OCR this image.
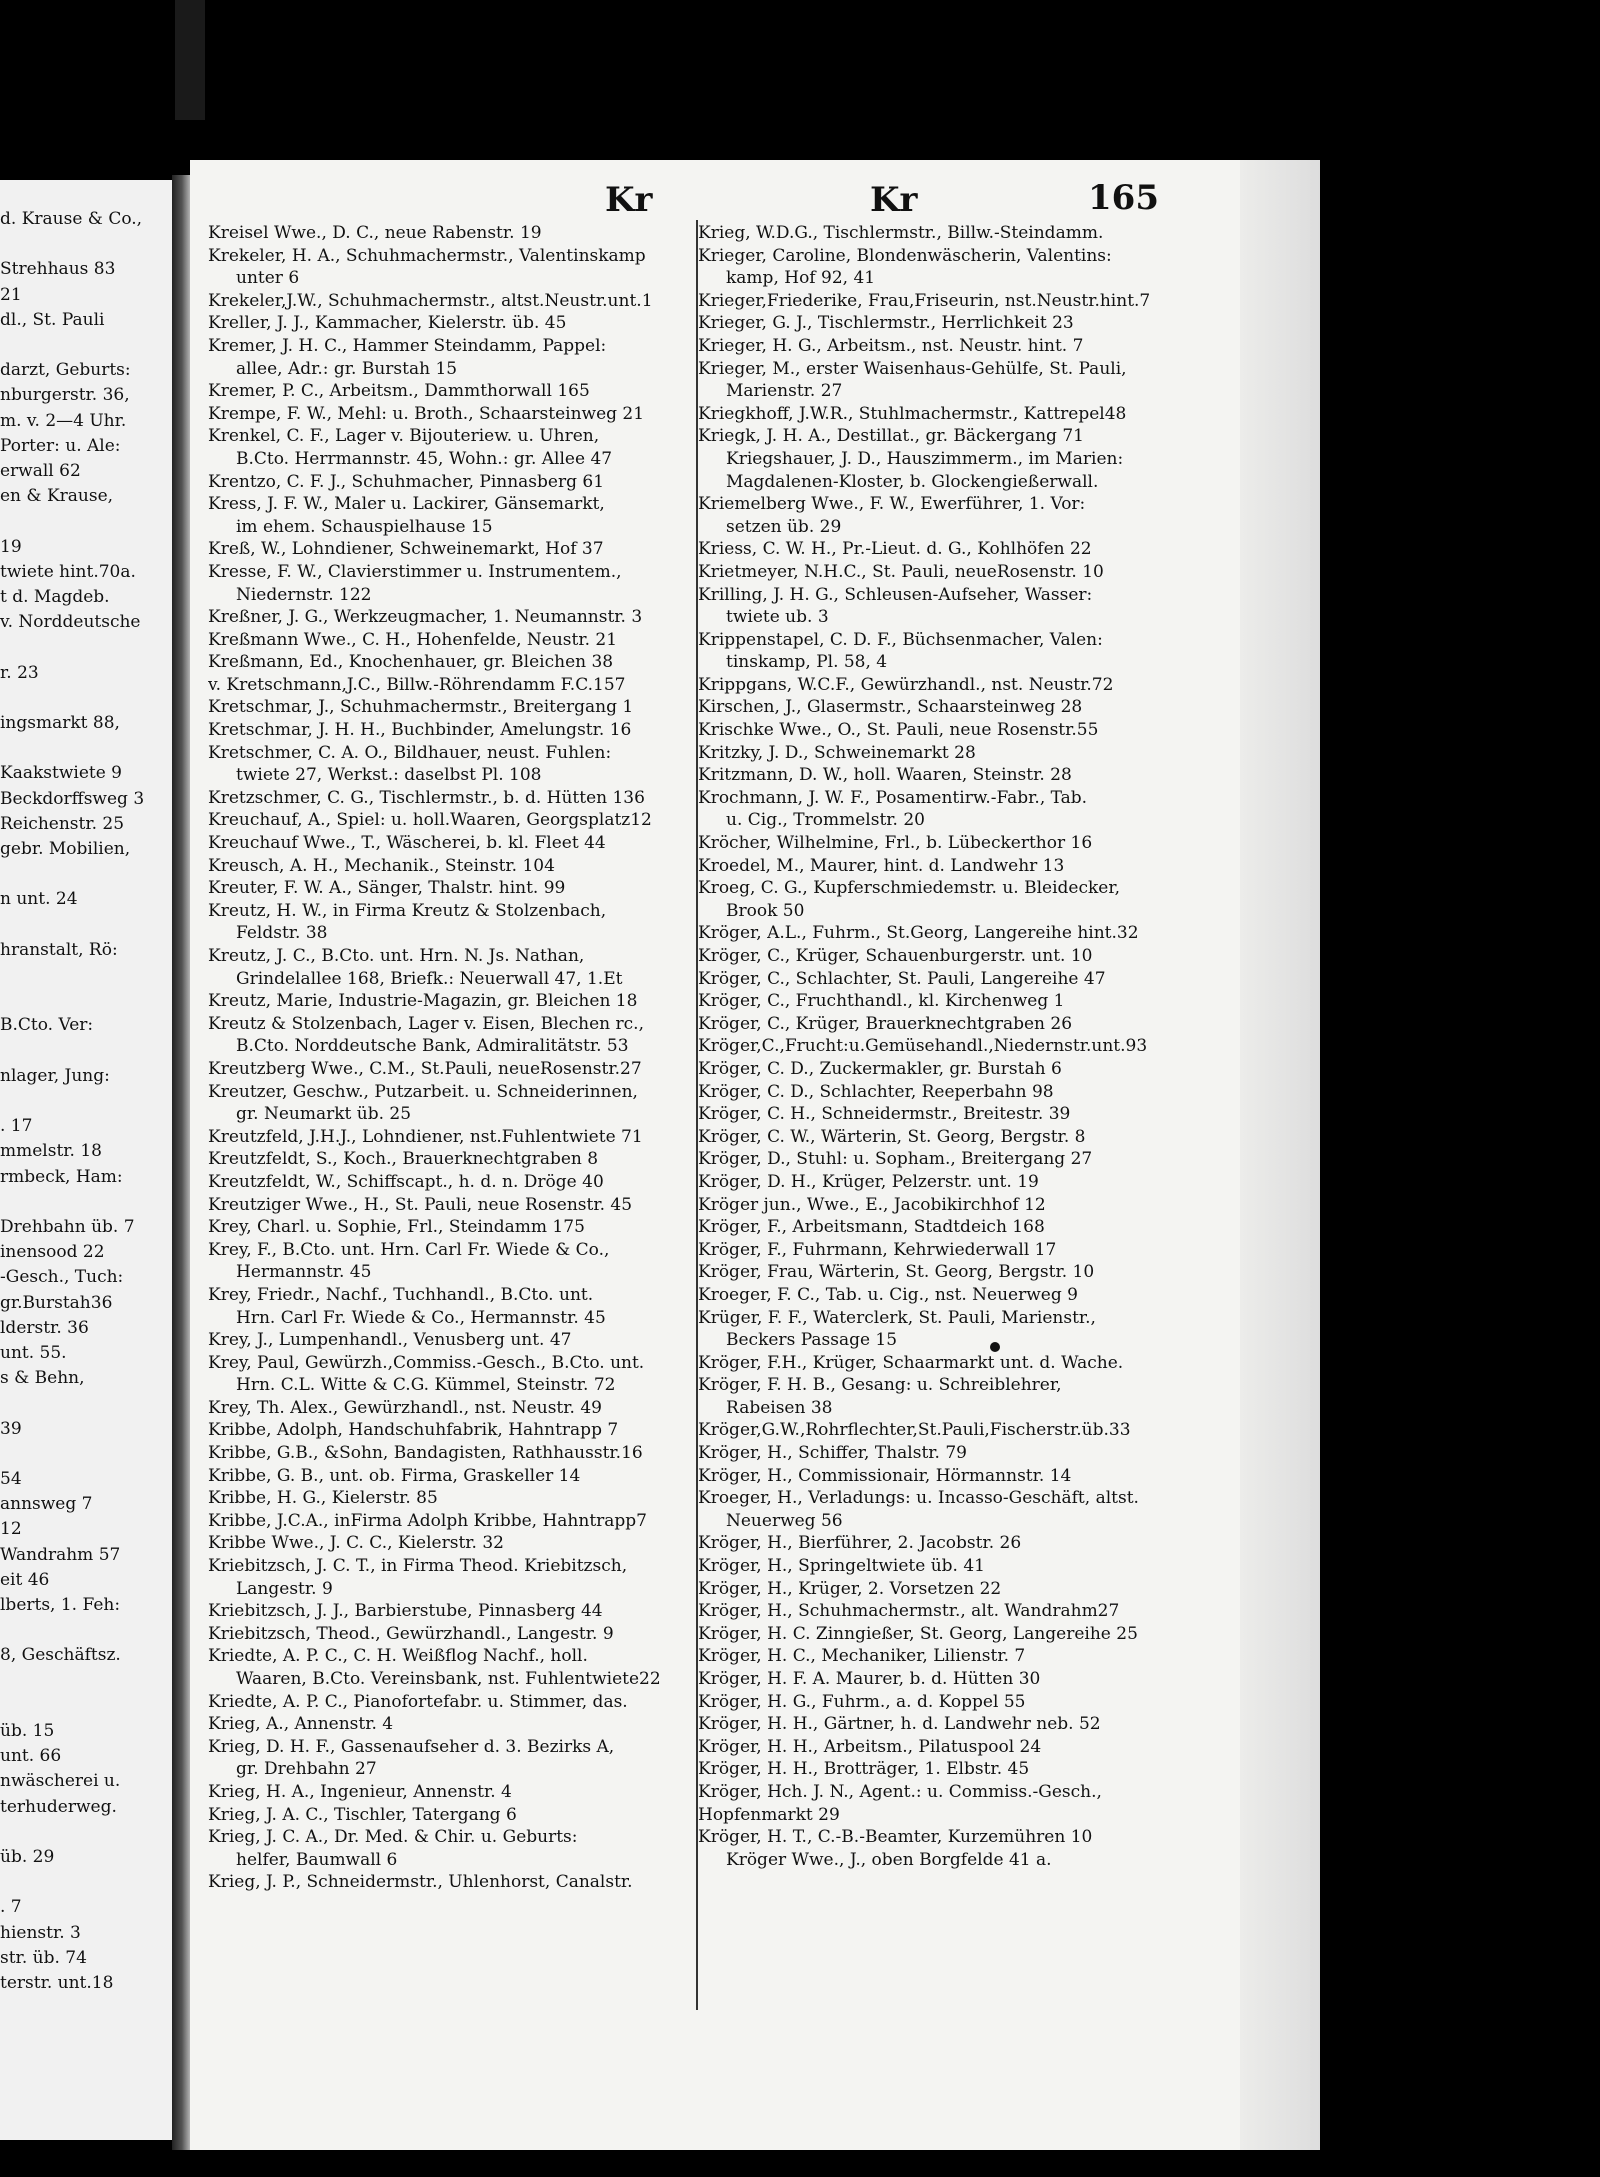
d. Krause & Co.,
Strehhaus 83
21
dl., St. Pauli
darzt, Geburts:
nburgerstr. 36,
m. v. 2—4 Uhr.
Porter: u. Ale:
erwall 62
en & Krause,
19
twiete hint.70a.
t d. Magdeb.
v. Norddeutsche
r. 23
ingsmarkt 88,
Kaakstwiete 9
Beckdorffsweg 3
Reichenstr. 25
gebr. Mobilien,
n unt. 24
hranstalt, Rö:
B.Cto. Ver:
nlager, Jung:
. 17
mmelstr. 18
rmbeck, Ham:
Drehbahn üb. 7
inensood 22
-Gesch., Tuch:
gr.Burstah36
lderstr. 36
unt. 55.
s & Behn,
39
54
annsweg 7
12
Wandrahm 57
eit 46
lberts, 1. Feh:
8, Geschäftsz.
üb. 15
unt. 66
nwäscherei u.
terhuderweg.
üb. 29
. 7
hienstr. 3
str. üb. 74
terstr. unt.18
Kr	Kr	165
Kreisel Wwe., D. C., neue Rabenstr. 19
Krekeler, H. A., Schuhmachermstr., Valentinskamp
unter 6
Krekeler,J.W., Schuhmachermstr., altst.Neustr.unt.1
Kreller, J. J., Kammacher, Kielerstr. üb. 45
Kremer, J. H. C., Hammer Steindamm, Pappel:
allee, Adr.: gr. Burstah 15
Kremer, P. C., Arbeitsm., Dammthorwall 165
Krempe, F. W., Mehl: u. Broth., Schaarsteinweg 21
Krenkel, C. F., Lager v. Bijouteriew. u. Uhren,
B.Cto. Herrmannstr. 45, Wohn.: gr. Allee 47
Krentzo, C. F. J., Schuhmacher, Pinnasberg 61
Kress, J. F. W., Maler u. Lackirer, Gänsemarkt,
im ehem. Schauspielhause 15
Kreß, W., Lohndiener, Schweinemarkt, Hof 37
Kresse, F. W., Clavierstimmer u. Instrumentem.,
Niedernstr. 122
Kreßner, J. G., Werkzeugmacher, 1. Neumannstr. 3
Kreßmann Wwe., C. H., Hohenfelde, Neustr. 21
Kreßmann, Ed., Knochenhauer, gr. Bleichen 38
v. Kretschmann,J.C., Billw.-Röhrendamm F.C.157
Kretschmar, J., Schuhmachermstr., Breitergang 1
Kretschmar, J. H. H., Buchbinder, Amelungstr. 16
Kretschmer, C. A. O., Bildhauer, neust. Fuhlen:
twiete 27, Werkst.: daselbst Pl. 108
Kretzschmer, C. G., Tischlermstr., b. d. Hütten 136
Kreuchauf, A., Spiel: u. holl.Waaren, Georgsplatz12
Kreuchauf Wwe., T., Wäscherei, b. kl. Fleet 44
Kreusch, A. H., Mechanik., Steinstr. 104
Kreuter, F. W. A., Sänger, Thalstr. hint. 99
Kreutz, H. W., in Firma Kreutz & Stolzenbach,
Feldstr. 38
Kreutz, J. C., B.Cto. unt. Hrn. N. Js. Nathan,
Grindelallee 168, Briefk.: Neuerwall 47, 1.Et
Kreutz, Marie, Industrie-Magazin, gr. Bleichen 18
Kreutz & Stolzenbach, Lager v. Eisen, Blechen rc.,
B.Cto. Norddeutsche Bank, Admiralitätstr. 53
Kreutzberg Wwe., C.M., St.Pauli, neueRosenstr.27
Kreutzer, Geschw., Putzarbeit. u. Schneiderinnen,
gr. Neumarkt üb. 25
Kreutzfeld, J.H.J., Lohndiener, nst.Fuhlentwiete 71
Kreutzfeldt, S., Koch., Brauerknechtgraben 8
Kreutzfeldt, W., Schiffscapt., h. d. n. Dröge 40
Kreutziger Wwe., H., St. Pauli, neue Rosenstr. 45
Krey, Charl. u. Sophie, Frl., Steindamm 175
Krey, F., B.Cto. unt. Hrn. Carl Fr. Wiede & Co.,
Hermannstr. 45
Krey, Friedr., Nachf., Tuchhandl., B.Cto. unt.
Hrn. Carl Fr. Wiede & Co., Hermannstr. 45
Krey, J., Lumpenhandl., Venusberg unt. 47
Krey, Paul, Gewürzh.,Commiss.-Gesch., B.Cto. unt.
Hrn. C.L. Witte & C.G. Kümmel, Steinstr. 72
Krey, Th. Alex., Gewürzhandl., nst. Neustr. 49
Kribbe, Adolph, Handschuhfabrik, Hahntrapp 7
Kribbe, G.B., &Sohn, Bandagisten, Rathhausstr.16
Kribbe, G. B., unt. ob. Firma, Graskeller 14
Kribbe, H. G., Kielerstr. 85
Kribbe, J.C.A., inFirma Adolph Kribbe, Hahntrapp7
Kribbe Wwe., J. C. C., Kielerstr. 32
Kriebitzsch, J. C. T., in Firma Theod. Kriebitzsch,
Langestr. 9
Kriebitzsch, J. J., Barbierstube, Pinnasberg 44
Kriebitzsch, Theod., Gewürzhandl., Langestr. 9
Kriedte, A. P. C., C. H. Weißflog Nachf., holl.
Waaren, B.Cto. Vereinsbank, nst. Fuhlentwiete22
Kriedte, A. P. C., Pianofortefabr. u. Stimmer, das.
Krieg, A., Annenstr. 4
Krieg, D. H. F., Gassenaufseher d. 3. Bezirks A,
gr. Drehbahn 27
Krieg, H. A., Ingenieur, Annenstr. 4
Krieg, J. A. C., Tischler, Tatergang 6
Krieg, J. C. A., Dr. Med. & Chir. u. Geburts:
helfer, Baumwall 6
Krieg, J. P., Schneidermstr., Uhlenhorst, Canalstr.
Krieg, W.D.G., Tischlermstr., Billw.-Steindamm.
Krieger, Caroline, Blondenwäscherin, Valentins:
kamp, Hof 92, 41
Krieger,Friederike, Frau,Friseurin, nst.Neustr.hint.7
Krieger, G. J., Tischlermstr., Herrlichkeit 23
Krieger, H. G., Arbeitsm., nst. Neustr. hint. 7
Krieger, M., erster Waisenhaus-Gehülfe, St. Pauli,
Marienstr. 27
Kriegkhoff, J.W.R., Stuhlmachermstr., Kattrepel48
Kriegk, J. H. A., Destillat., gr. Bäckergang 71
Kriegshauer, J. D., Hauszimmerm., im Marien:
Magdalenen-Kloster, b. Glockengießerwall.
Kriemelberg Wwe., F. W., Ewerführer, 1. Vor:
setzen üb. 29
Kriess, C. W. H., Pr.-Lieut. d. G., Kohlhöfen 22
Krietmeyer, N.H.C., St. Pauli, neueRosenstr. 10
Krilling, J. H. G., Schleusen-Aufseher, Wasser:
twiete ub. 3
Krippenstapel, C. D. F., Büchsenmacher, Valen:
tinskamp, Pl. 58, 4
Krippgans, W.C.F., Gewürzhandl., nst. Neustr.72
Kirschen, J., Glasermstr., Schaarsteinweg 28
Krischke Wwe., O., St. Pauli, neue Rosenstr.55
Kritzky, J. D., Schweinemarkt 28
Kritzmann, D. W., holl. Waaren, Steinstr. 28
Krochmann, J. W. F., Posamentirw.-Fabr., Tab.
u. Cig., Trommelstr. 20
Kröcher, Wilhelmine, Frl., b. Lübeckerthor 16
Kroedel, M., Maurer, hint. d. Landwehr 13
Kroeg, C. G., Kupferschmiedemstr. u. Bleidecker,
Brook 50
Kröger, A.L., Fuhrm., St.Georg, Langereihe hint.32
Kröger, C., Krüger, Schauenburgerstr. unt. 10
Kröger, C., Schlachter, St. Pauli, Langereihe 47
Kröger, C., Fruchthandl., kl. Kirchenweg 1
Kröger, C., Krüger, Brauerknechtgraben 26
Kröger,C.,Frucht:u.Gemüsehandl.,Niedernstr.unt.93
Kröger, C. D., Zuckermakler, gr. Burstah 6
Kröger, C. D., Schlachter, Reeperbahn 98
Kröger, C. H., Schneidermstr., Breitestr. 39
Kröger, C. W., Wärterin, St. Georg, Bergstr. 8
Kröger, D., Stuhl: u. Sopham., Breitergang 27
Kröger, D. H., Krüger, Pelzerstr. unt. 19
Kröger jun., Wwe., E., Jacobikirchhof 12
Kröger, F., Arbeitsmann, Stadtdeich 168
Kröger, F., Fuhrmann, Kehrwiederwall 17
Kröger, Frau, Wärterin, St. Georg, Bergstr. 10
Kroeger, F. C., Tab. u. Cig., nst. Neuerweg 9
Krüger, F. F., Waterclerk, St. Pauli, Marienstr.,
Beckers Passage 15
Kröger, F.H., Krüger, Schaarmarkt unt. d. Wache.
Kröger, F. H. B., Gesang: u. Schreiblehrer,
Rabeisen 38
Kröger,G.W.,Rohrflechter,St.Pauli,Fischerstr.üb.33
Kröger, H., Schiffer, Thalstr. 79
Kröger, H., Commissionair, Hörmannstr. 14
Kroeger, H., Verladungs: u. Incasso-Geschäft, altst.
Neuerweg 56
Kröger, H., Bierführer, 2. Jacobstr. 26
Kröger, H., Springeltwiete üb. 41
Kröger, H., Krüger, 2. Vorsetzen 22
Kröger, H., Schuhmachermstr., alt. Wandrahm27
Kröger, H. C. Zinngießer, St. Georg, Langereihe 25
Kröger, H. C., Mechaniker, Lilienstr. 7
Kröger, H. F. A. Maurer, b. d. Hütten 30
Kröger, H. G., Fuhrm., a. d. Koppel 55
Kröger, H. H., Gärtner, h. d. Landwehr neb. 52
Kröger, H. H., Arbeitsm., Pilatuspool 24
Kröger, H. H., Brotträger, 1. Elbstr. 45
Kröger, Hch. J. N., Agent.: u. Commiss.-Gesch.,
Hopfenmarkt 29
Kröger, H. T., C.-B.-Beamter, Kurzemühren 10
Kröger Wwe., J., oben Borgfelde 41 a.
